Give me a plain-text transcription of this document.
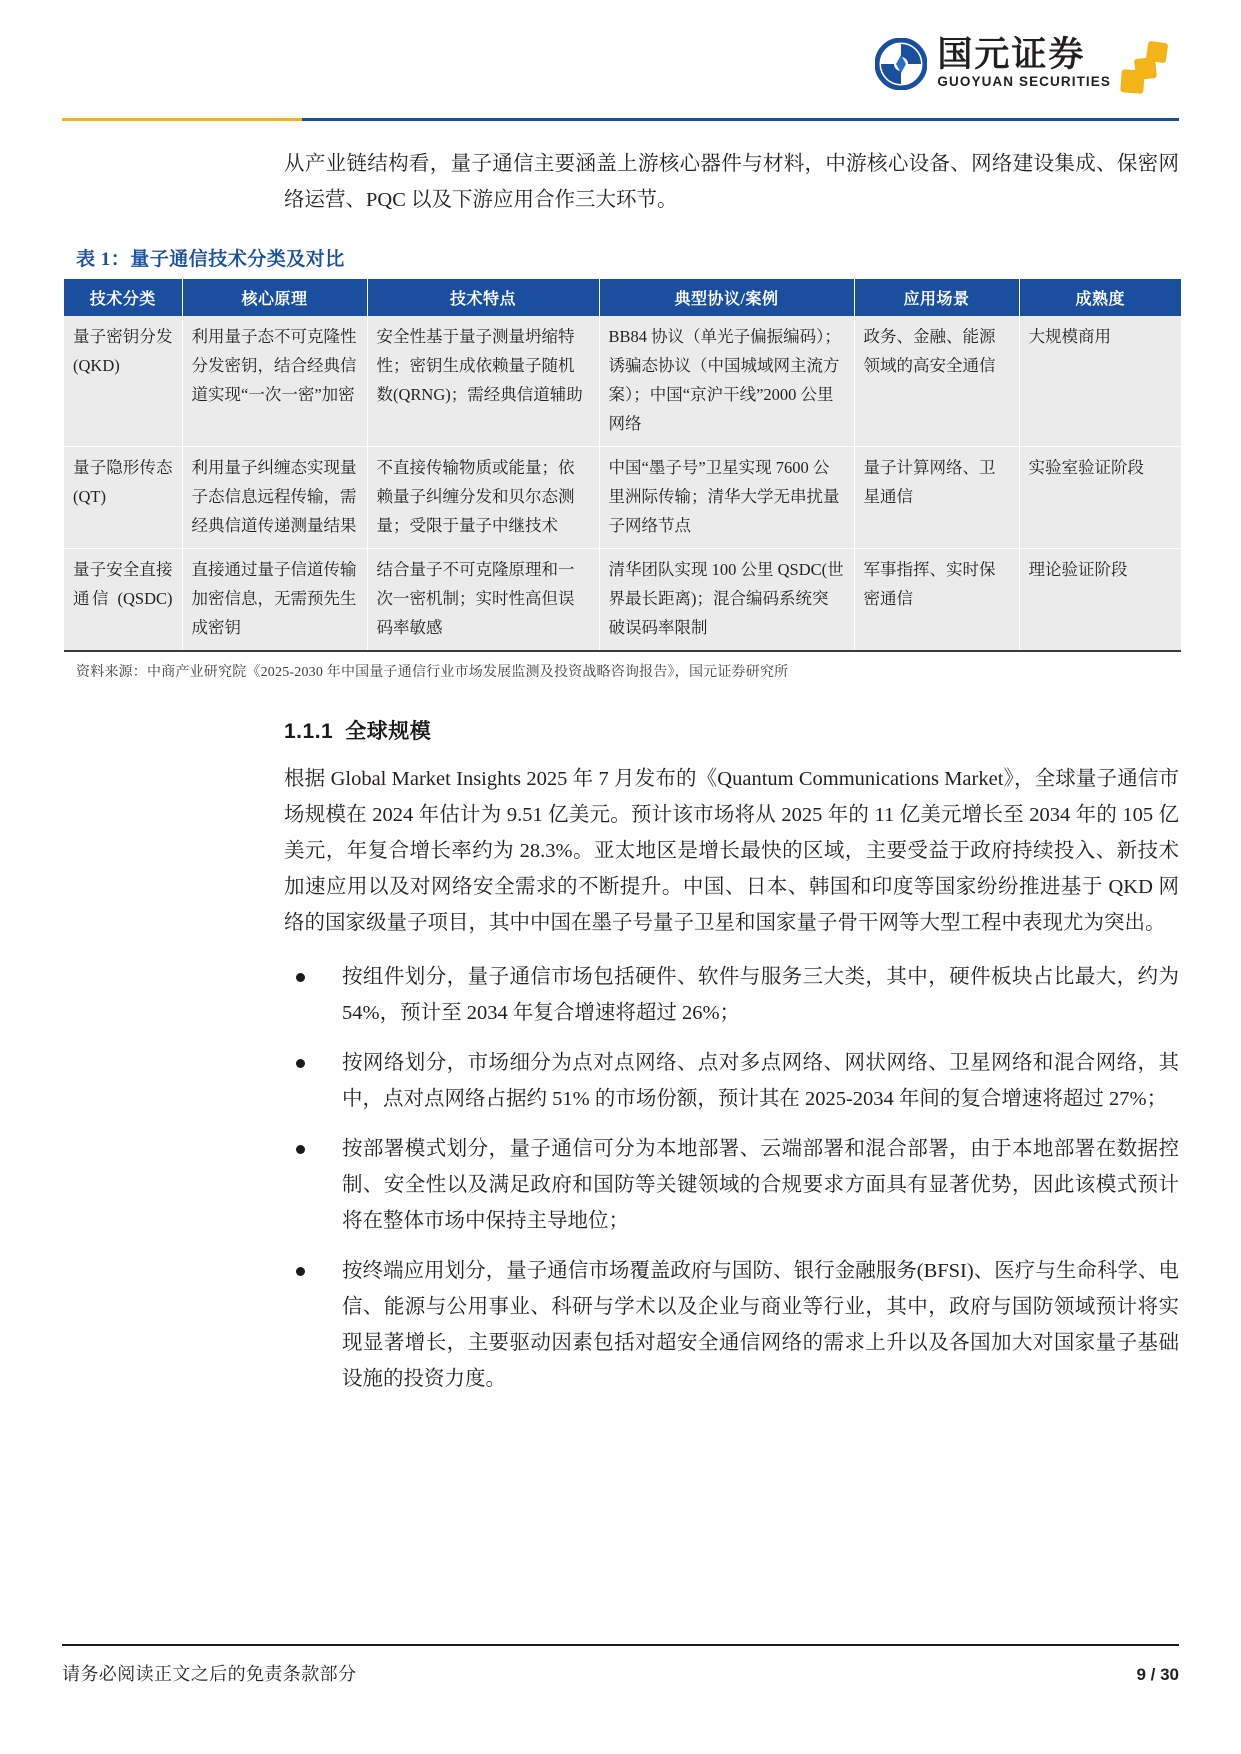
国元证券
GUOYUAN SECURITIES

从产业链结构看，量子通信主要涵盖上游核心器件与材料，中游核心设备、网络建设集成、保密网络运营、PQC 以及下游应用合作三大环节。

表 1：量子通信技术分类及对比
技术分类	核心原理	技术特点	典型协议/案例	应用场景	成熟度
量子密钥分发 (QKD)	利用量子态不可克隆性分发密钥，结合经典信道实现“一次一密”加密	安全性基于量子测量坍缩特性；密钥生成依赖量子随机数(QRNG)；需经典信道辅助	BB84 协议（单光子偏振编码）；诱骗态协议（中国城域网主流方案）；中国“京沪干线”2000 公里网络	政务、金融、能源领域的高安全通信	大规模商用
量子隐形传态 (QT)	利用量子纠缠态实现量子态信息远程传输，需经典信道传递测量结果	不直接传输物质或能量；依赖量子纠缠分发和贝尔态测量；受限于量子中继技术	中国“墨子号”卫星实现 7600 公里洲际传输；清华大学无串扰量子网络节点	量子计算网络、卫星通信	实验室验证阶段
量子安全直接通信 (QSDC)	直接通过量子信道传输加密信息，无需预先生成密钥	结合量子不可克隆原理和一次一密机制；实时性高但误码率敏感	清华团队实现 100 公里 QSDC(世界最长距离)；混合编码系统突破误码率限制	军事指挥、实时保密通信	理论验证阶段
资料来源：中商产业研究院《2025-2030 年中国量子通信行业市场发展监测及投资战略咨询报告》，国元证券研究所
1.1.1 全球规模

根据 Global Market Insights 2025 年 7 月发布的《Quantum Communications Market》，全球量子通信市场规模在 2024 年估计为 9.51 亿美元。预计该市场将从 2025 年的 11 亿美元增长至 2034 年的 105 亿美元，年复合增长率约为 28.3%。亚太地区是增长最快的区域，主要受益于政府持续投入、新技术加速应用以及对网络安全需求的不断提升。中国、日本、韩国和印度等国家纷纷推进基于 QKD 网络的国家级量子项目，其中中国在墨子号量子卫星和国家量子骨干网等大型工程中表现尤为突出。

按组件划分，量子通信市场包括硬件、软件与服务三大类，其中，硬件板块占比最大，约为 54%，预计至 2034 年复合增速将超过 26%；
按网络划分，市场细分为点对点网络、点对多点网络、网状网络、卫星网络和混合网络，其中，点对点网络占据约 51% 的市场份额，预计其在 2025-2034 年间的复合增速将超过 27%；
按部署模式划分，量子通信可分为本地部署、云端部署和混合部署，由于本地部署在数据控制、安全性以及满足政府和国防等关键领域的合规要求方面具有显著优势，因此该模式预计将在整体市场中保持主导地位；
按终端应用划分，量子通信市场覆盖政府与国防、银行金融服务(BFSI)、医疗与生命科学、电信、能源与公用事业、科研与学术以及企业与商业等行业，其中，政府与国防领域预计将实现显著增长，主要驱动因素包括对超安全通信网络的需求上升以及各国加大对国家量子基础设施的投资力度。
请务必阅读正文之后的免责条款部分	9 / 30
